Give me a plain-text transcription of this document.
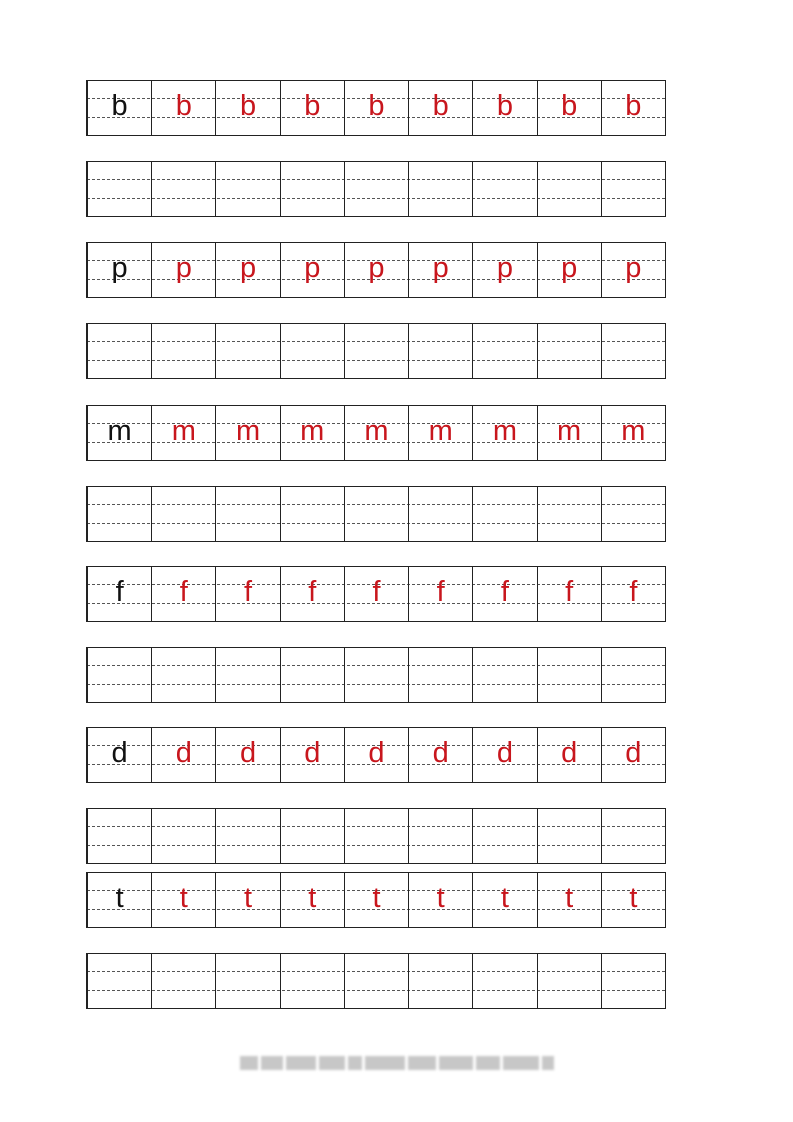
b	b	b	b	b	b	b	b	b
p	p	p	p	p	p	p	p	p
m	m	m	m	m	m	m	m	m
f	f	f	f	f	f	f	f	f
d	d	d	d	d	d	d	d	d
t	t	t	t	t	t	t	t	t
